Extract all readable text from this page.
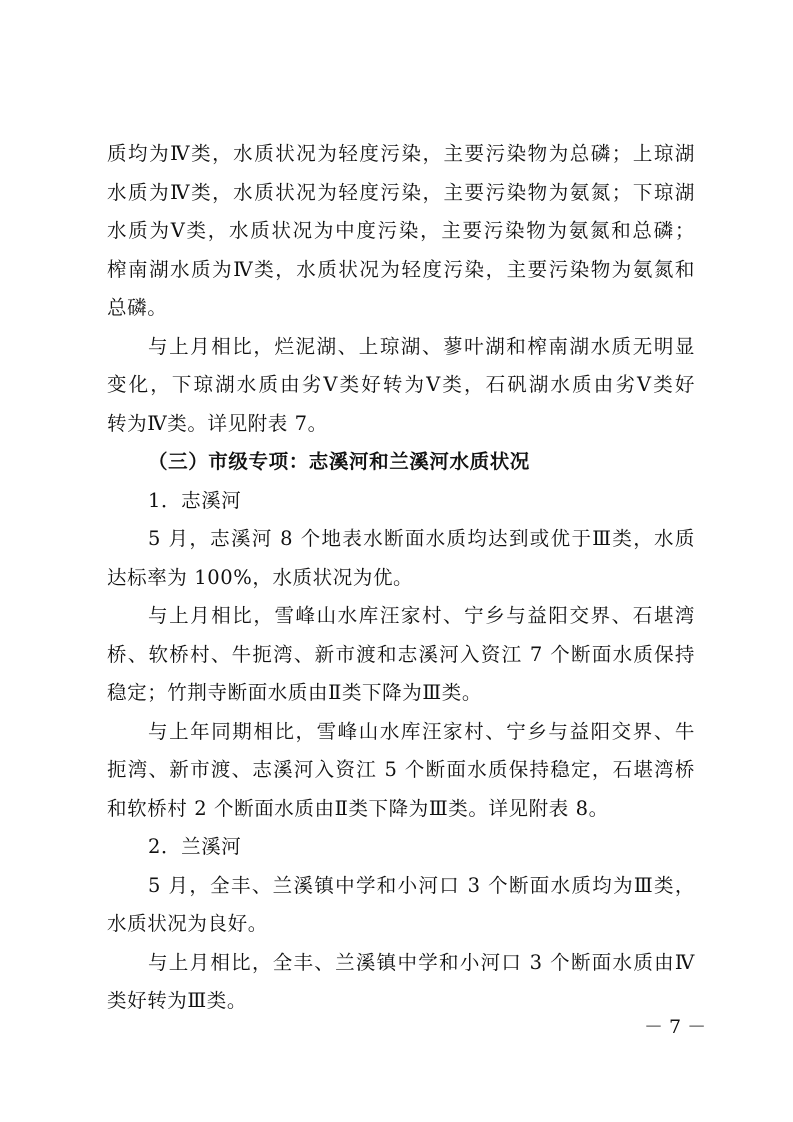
质均为Ⅳ类，水质状况为轻度污染，主要污染物为总磷；上琼湖
水质为Ⅳ类，水质状况为轻度污染，主要污染物为氨氮；下琼湖
水质为Ⅴ类，水质状况为中度污染，主要污染物为氨氮和总磷；
榨南湖水质为Ⅳ类，水质状况为轻度污染，主要污染物为氨氮和
总磷。
与上月相比，烂泥湖、上琼湖、蓼叶湖和榨南湖水质无明显
变化，下琼湖水质由劣Ⅴ类好转为Ⅴ类，石矾湖水质由劣Ⅴ类好
转为Ⅳ类。详见附表 7。
（三）市级专项：志溪河和兰溪河水质状况
1．志溪河
5 月，志溪河 8 个地表水断面水质均达到或优于Ⅲ类，水质
达标率为 100%，水质状况为优。
与上月相比，雪峰山水库汪家村、宁乡与益阳交界、石堪湾
桥、软桥村、牛扼湾、新市渡和志溪河入资江 7 个断面水质保持
稳定；竹荆寺断面水质由Ⅱ类下降为Ⅲ类。
与上年同期相比，雪峰山水库汪家村、宁乡与益阳交界、牛
扼湾、新市渡、志溪河入资江 5 个断面水质保持稳定，石堪湾桥
和软桥村 2 个断面水质由Ⅱ类下降为Ⅲ类。详见附表 8。
2．兰溪河
5 月，全丰、兰溪镇中学和小河口 3 个断面水质均为Ⅲ类，
水质状况为良好。
与上月相比，全丰、兰溪镇中学和小河口 3 个断面水质由Ⅳ
类好转为Ⅲ类。
－ 7 －
